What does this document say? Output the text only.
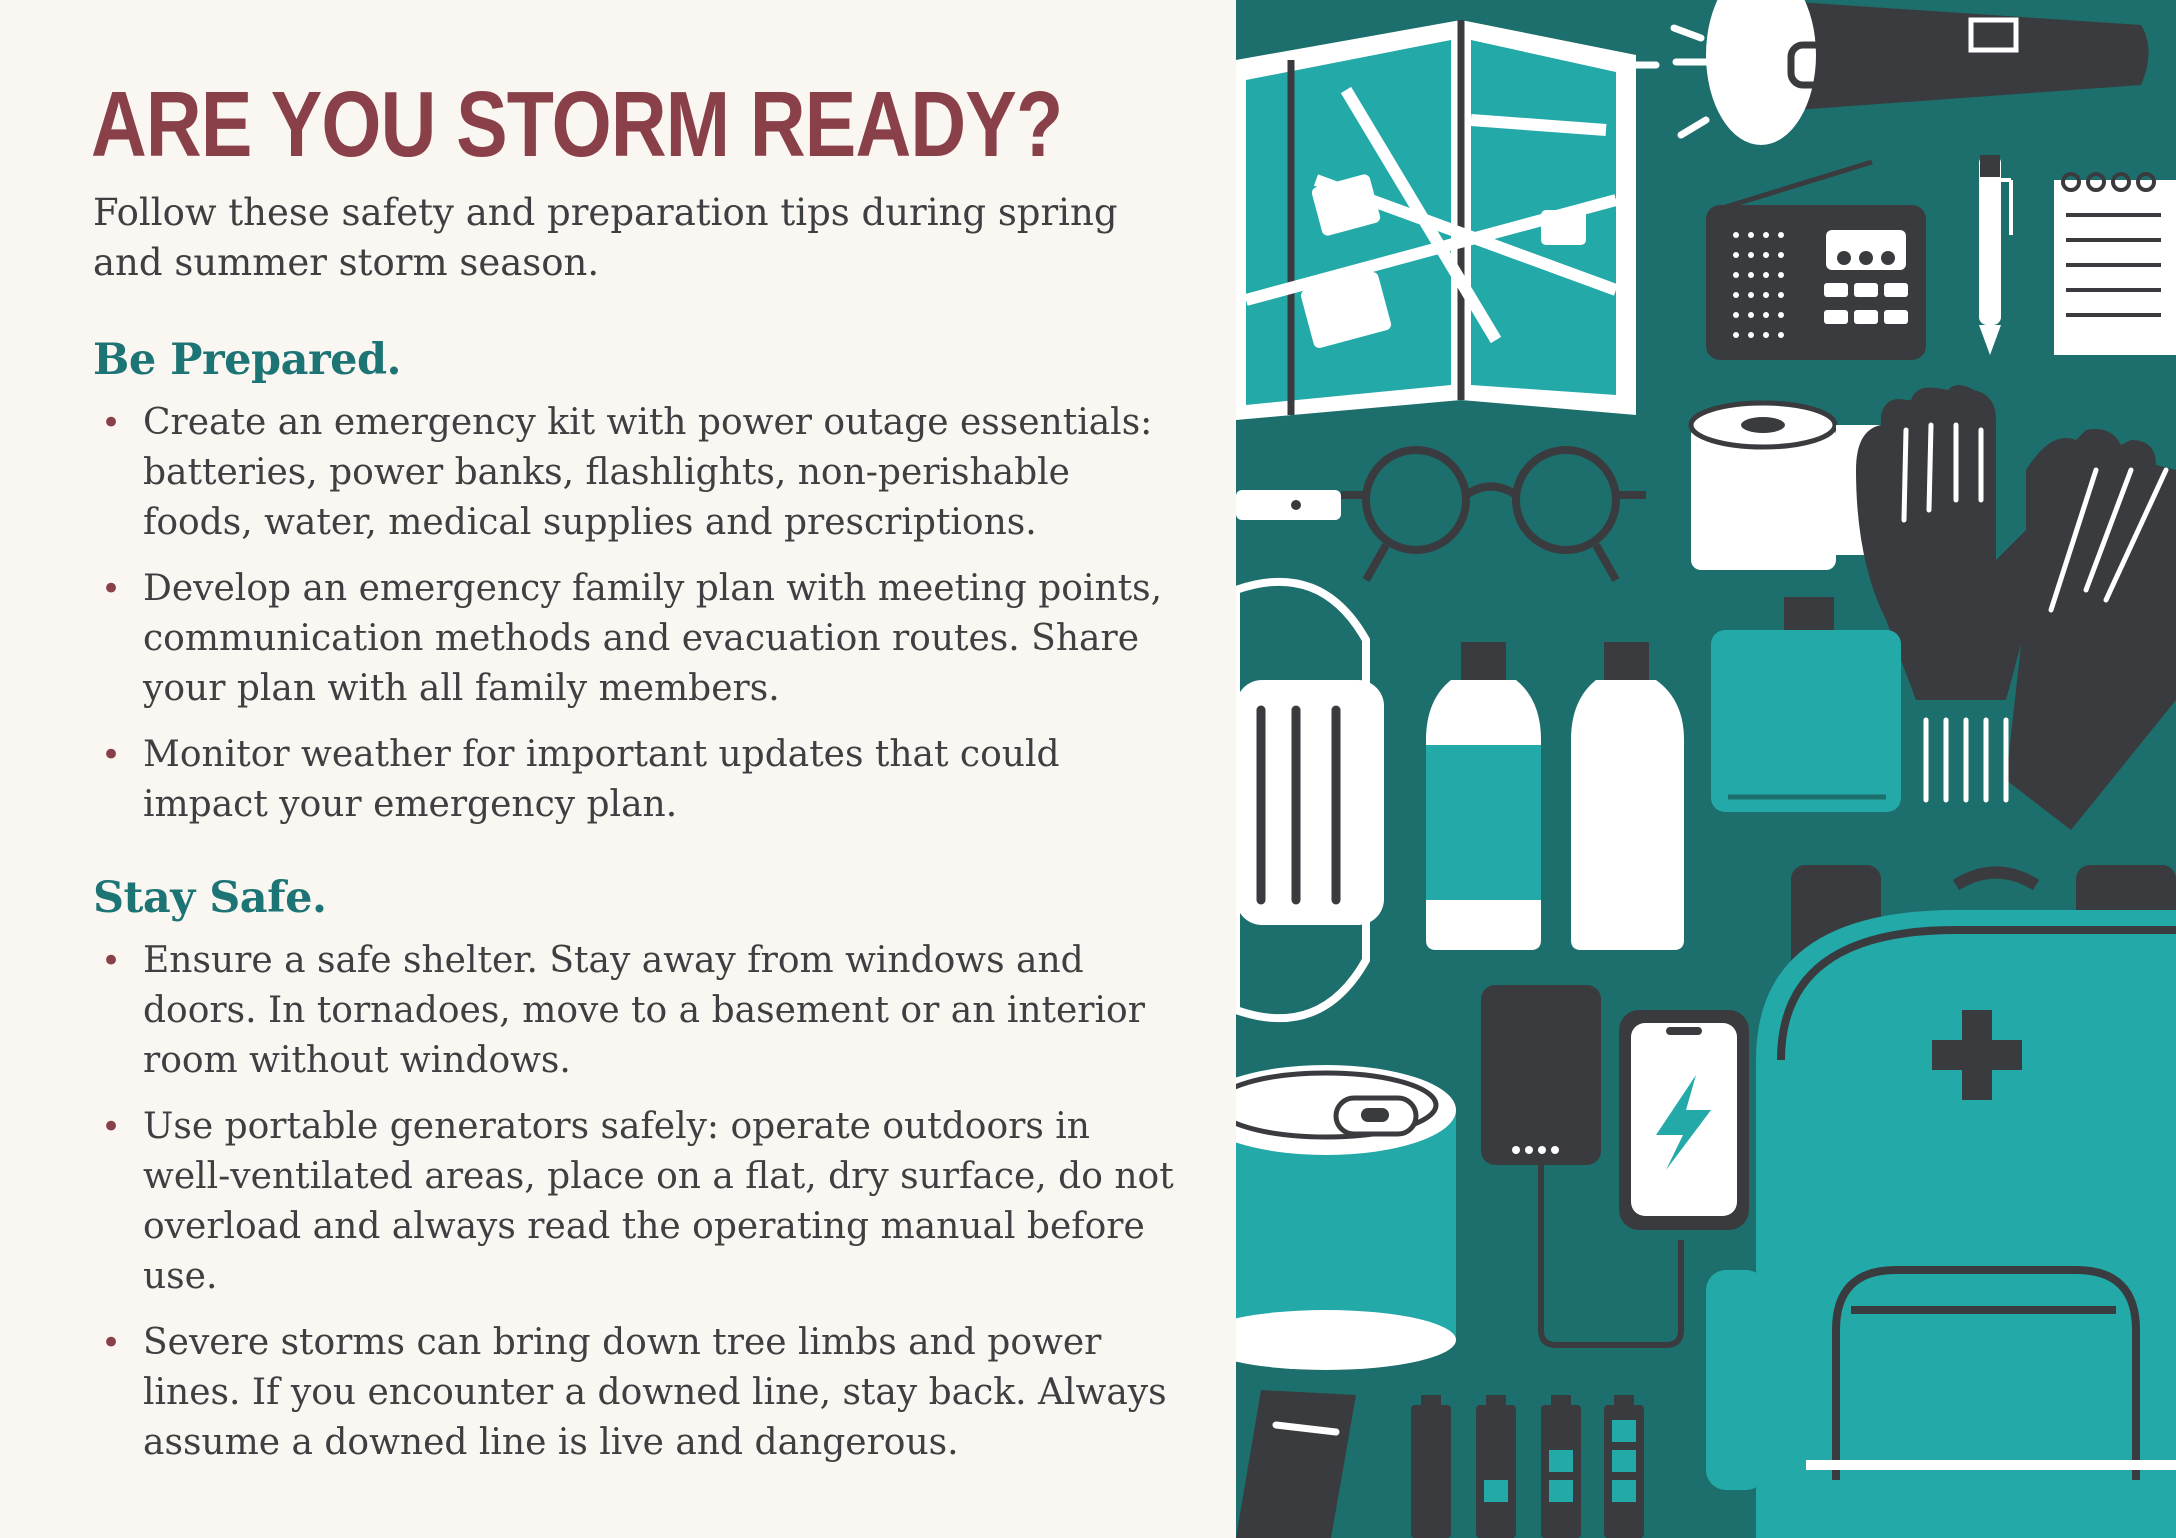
ARE YOU STORM READY?

Follow these safety and preparation tips during spring and summer storm season.

Be Prepared.
• Create an emergency kit with power outage essentials: batteries, power banks, flashlights, non-perishable foods, water, medical supplies and prescriptions.
• Develop an emergency family plan with meeting points, communication methods and evacuation routes. Share your plan with all family members.
• Monitor weather for important updates that could impact your emergency plan.
Stay Safe.
• Ensure a safe shelter. Stay away from windows and doors. In tornadoes, move to a basement or an interior room without windows.
• Use portable generators safely: operate outdoors in well-ventilated areas, place on a flat, dry surface, do not overload and always read the operating manual before use.
• Severe storms can bring down tree limbs and power lines. If you encounter a downed line, stay back. Always assume a downed line is live and dangerous.
